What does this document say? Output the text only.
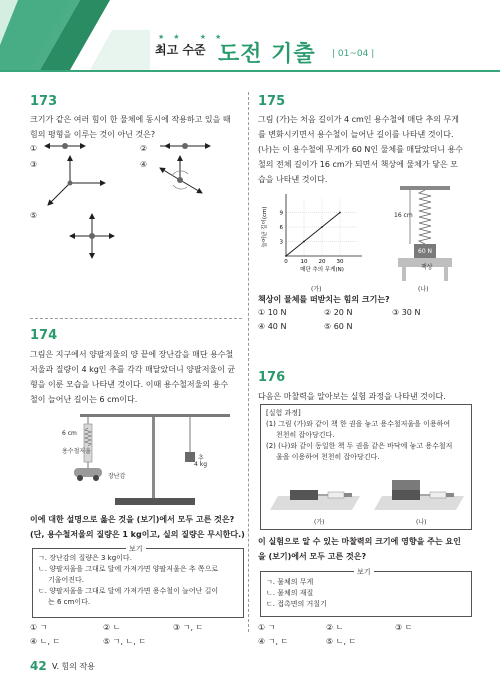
★★ ★★
최고 수준 도전 기출 | 01~04 |
173
크기가 같은 여러 힘이 한 물체에 동시에 작용하고 있을 때
힘의 평형을 이루는 것이 아닌 것은?
①	②
③	④
⑤
174
그림은 지구에서 양팔저울의 양 끝에 장난감을 매단 용수철
저울과 질량이 4 kg인 추를 각각 매달았더니 양팔저울이 균
형을 이룬 모습을 나타낸 것이다. 이때 용수철저울의 용수
철이 늘어난 길이는 6 cm이다.
6 cm
용수철저울
장난감
추
4 kg
이에 대한 설명으로 옳은 것을 (보기)에서 모두 고른 것은?
(단, 용수철저울의 질량은 1 kg이고, 실의 질량은 무시한다.)
보기
ㄱ. 장난감의 질량은 3 kg이다.
ㄴ. 양팔저울을 그대로 달에 가져가면 양팔저울은 추 쪽으로
기울어진다.
ㄷ. 양팔저울을 그대로 달에 가져가면 용수철이 늘어난 길이
는 6 cm이다.
① ㄱ	② ㄴ	③ ㄱ, ㄷ
④ ㄴ, ㄷ	⑤ ㄱ, ㄴ, ㄷ
175
그림 (가)는 처음 길이가 4 cm인 용수철에 매단 추의 무게
를 변화시키면서 용수철이 늘어난 길이를 나타낸 것이다.
(나)는 이 용수철에 무게가 60 N인 물체를 매달았더니 용수
철의 전체 길이가 16 cm가 되면서 책상에 물체가 닿은 모
습을 나타낸 것이다.
0 10 20 30
3
6
9
매단 추의 무게(N)
늘어난 길이(cm)
(가)
16 cm
60 N
책상
(나)
책상이 물체를 떠받치는 힘의 크기는?
① 10 N	② 20 N	③ 30 N
④ 40 N	⑤ 60 N
176
다음은 마찰력을 알아보는 실험 과정을 나타낸 것이다.
[실험 과정]
(1) 그림 (가)와 같이 책 한 권을 놓고 용수철저울을 이용하여
천천히 잡아당긴다.
(2) (나)와 같이 동일한 책 두 권을 같은 바닥에 놓고 용수철저
울을 이용하여 천천히 잡아당긴다.
(가)	(나)
이 실험으로 알 수 있는 마찰력의 크기에 영향을 주는 요인
을 (보기)에서 모두 고른 것은?
보기
ㄱ. 물체의 무게
ㄴ. 물체의 재질
ㄷ. 접촉면의 거칠기
① ㄱ	② ㄴ	③ ㄷ
④ ㄱ, ㄷ	⑤ ㄴ, ㄷ
42 V. 힘의 작용
